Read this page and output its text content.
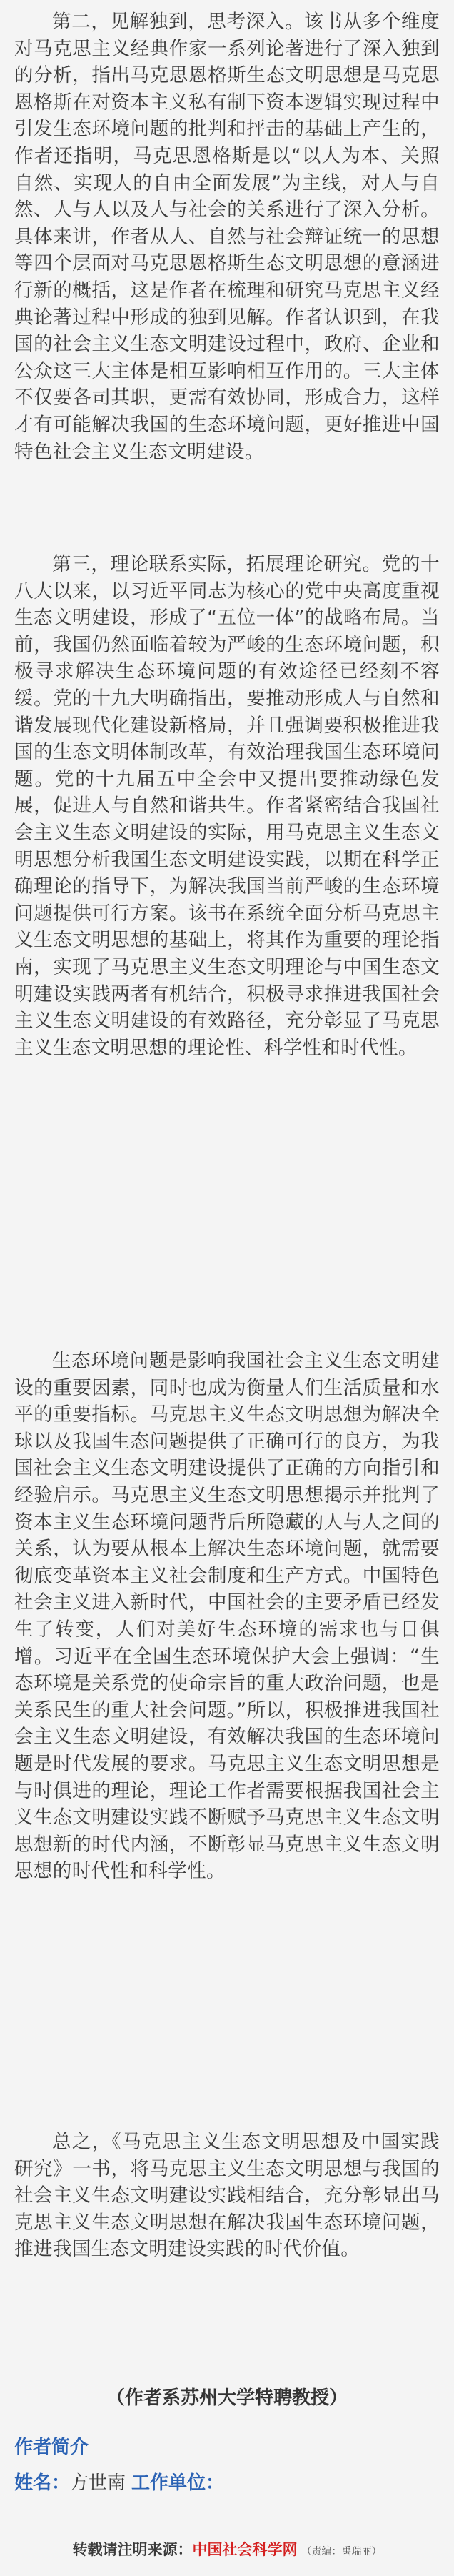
第二，见解独到，思考深入。该书从多个维度对马克思主义经典作家一系列论著进行了深入独到的分析，指出马克思恩格斯生态文明思想是马克思恩格斯在对资本主义私有制下资本逻辑实现过程中引发生态环境问题的批判和抨击的基础上产生的，作者还指明，马克思恩格斯是以“以人为本、关照自然、实现人的自由全面发展”为主线，对人与自然、人与人以及人与社会的关系进行了深入分析。具体来讲，作者从人、自然与社会辩证统一的思想等四个层面对马克思恩格斯生态文明思想的意涵进行新的概括，这是作者在梳理和研究马克思主义经典论著过程中形成的独到见解。作者认识到，在我国的社会主义生态文明建设过程中，政府、企业和公众这三大主体是相互影响相互作用的。三大主体不仅要各司其职，更需有效协同，形成合力，这样才有可能解决我国的生态环境问题，更好推进中国特色社会主义生态文明建设。

第三，理论联系实际，拓展理论研究。党的十八大以来，以习近平同志为核心的党中央高度重视生态文明建设，形成了“五位一体”的战略布局。当前，我国仍然面临着较为严峻的生态环境问题，积极寻求解决生态环境问题的有效途径已经刻不容缓。党的十九大明确指出，要推动形成人与自然和谐发展现代化建设新格局，并且强调要积极推进我国的生态文明体制改革，有效治理我国生态环境问题。党的十九届五中全会中又提出要推动绿色发展，促进人与自然和谐共生。作者紧密结合我国社会主义生态文明建设的实际，用马克思主义生态文明思想分析我国生态文明建设实践，以期在科学正确理论的指导下，为解决我国当前严峻的生态环境问题提供可行方案。该书在系统全面分析马克思主义生态文明思想的基础上，将其作为重要的理论指南，实现了马克思主义生态文明理论与中国生态文明建设实践两者有机结合，积极寻求推进我国社会主义生态文明建设的有效路径，充分彰显了马克思主义生态文明思想的理论性、科学性和时代性。

生态环境问题是影响我国社会主义生态文明建设的重要因素，同时也成为衡量人们生活质量和水平的重要指标。马克思主义生态文明思想为解决全球以及我国生态问题提供了正确可行的良方，为我国社会主义生态文明建设提供了正确的方向指引和经验启示。马克思主义生态文明思想揭示并批判了资本主义生态环境问题背后所隐藏的人与人之间的关系，认为要从根本上解决生态环境问题，就需要彻底变革资本主义社会制度和生产方式。中国特色社会主义进入新时代，中国社会的主要矛盾已经发生了转变，人们对美好生态环境的需求也与日俱增。习近平在全国生态环境保护大会上强调：“生态环境是关系党的使命宗旨的重大政治问题，也是关系民生的重大社会问题。”所以，积极推进我国社会主义生态文明建设，有效解决我国的生态环境问题是时代发展的要求。马克思主义生态文明思想是与时俱进的理论，理论工作者需要根据我国社会主义生态文明建设实践不断赋予马克思主义生态文明思想新的时代内涵，不断彰显马克思主义生态文明思想的时代性和科学性。

总之，《马克思主义生态文明思想及中国实践研究》一书，将马克思主义生态文明思想与我国的社会主义生态文明建设实践相结合，充分彰显出马克思主义生态文明思想在解决我国生态环境问题，推进我国生态文明建设实践的时代价值。

（作者系苏州大学特聘教授）
作者简介
姓名：方世南 工作单位：
转载请注明来源：中国社会科学网 （责编：禹瑞丽）
